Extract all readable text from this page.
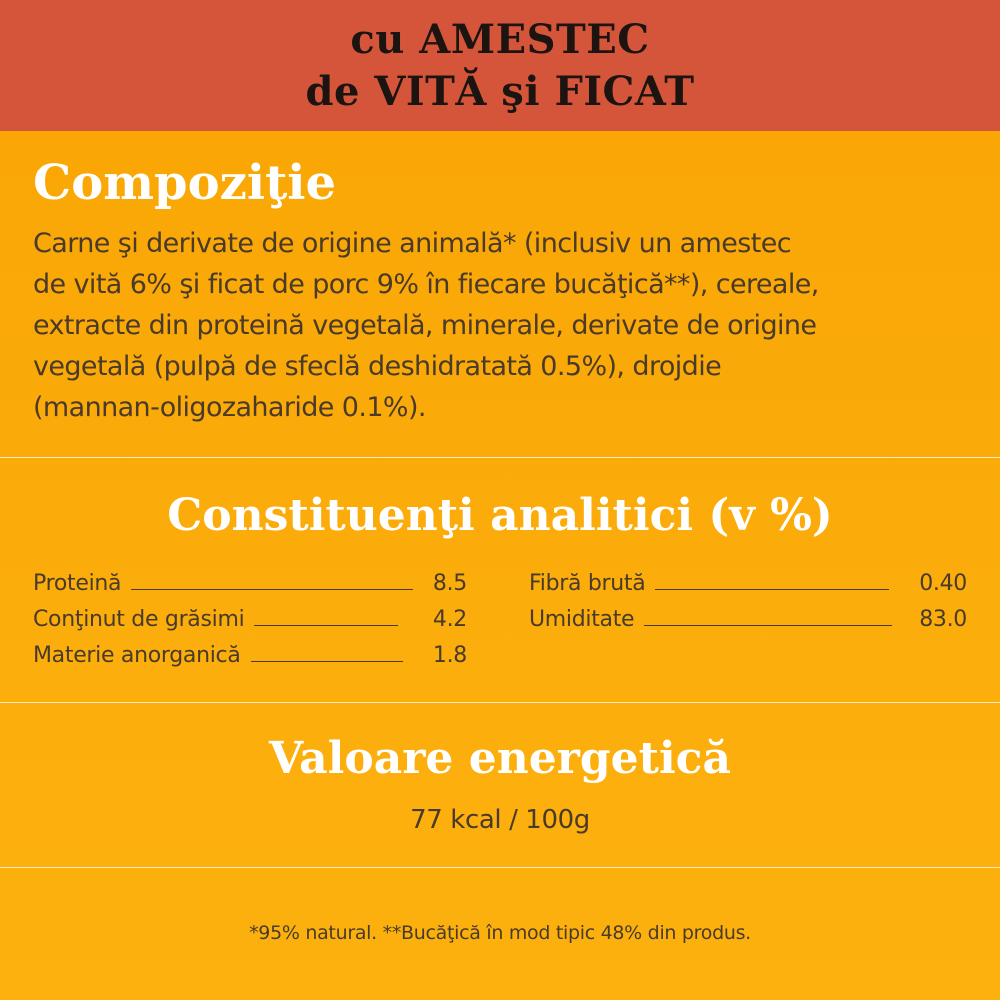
cu AMESTEC
de VITĂ şi FICAT
Compoziţie

Carne şi derivate de origine animală* (inclusiv un amestec
de vită 6% şi ficat de porc 9% în fiecare bucăţică**), cereale,
extracte din proteină vegetală, minerale, derivate de origine
vegetală (pulpă de sfeclă deshidratată 0.5%), drojdie
(mannan-oligozaharide 0.1%).

Constituenţi analitici (v %)
Proteină	8.5
Conţinut de grăsimi	4.2
Materie anorganică	1.8
Fibră brută	0.40
Umiditate	83.0
Valoare energetică
77 kcal / 100g
*95% natural. **Bucăţică în mod tipic 48% din produs.
